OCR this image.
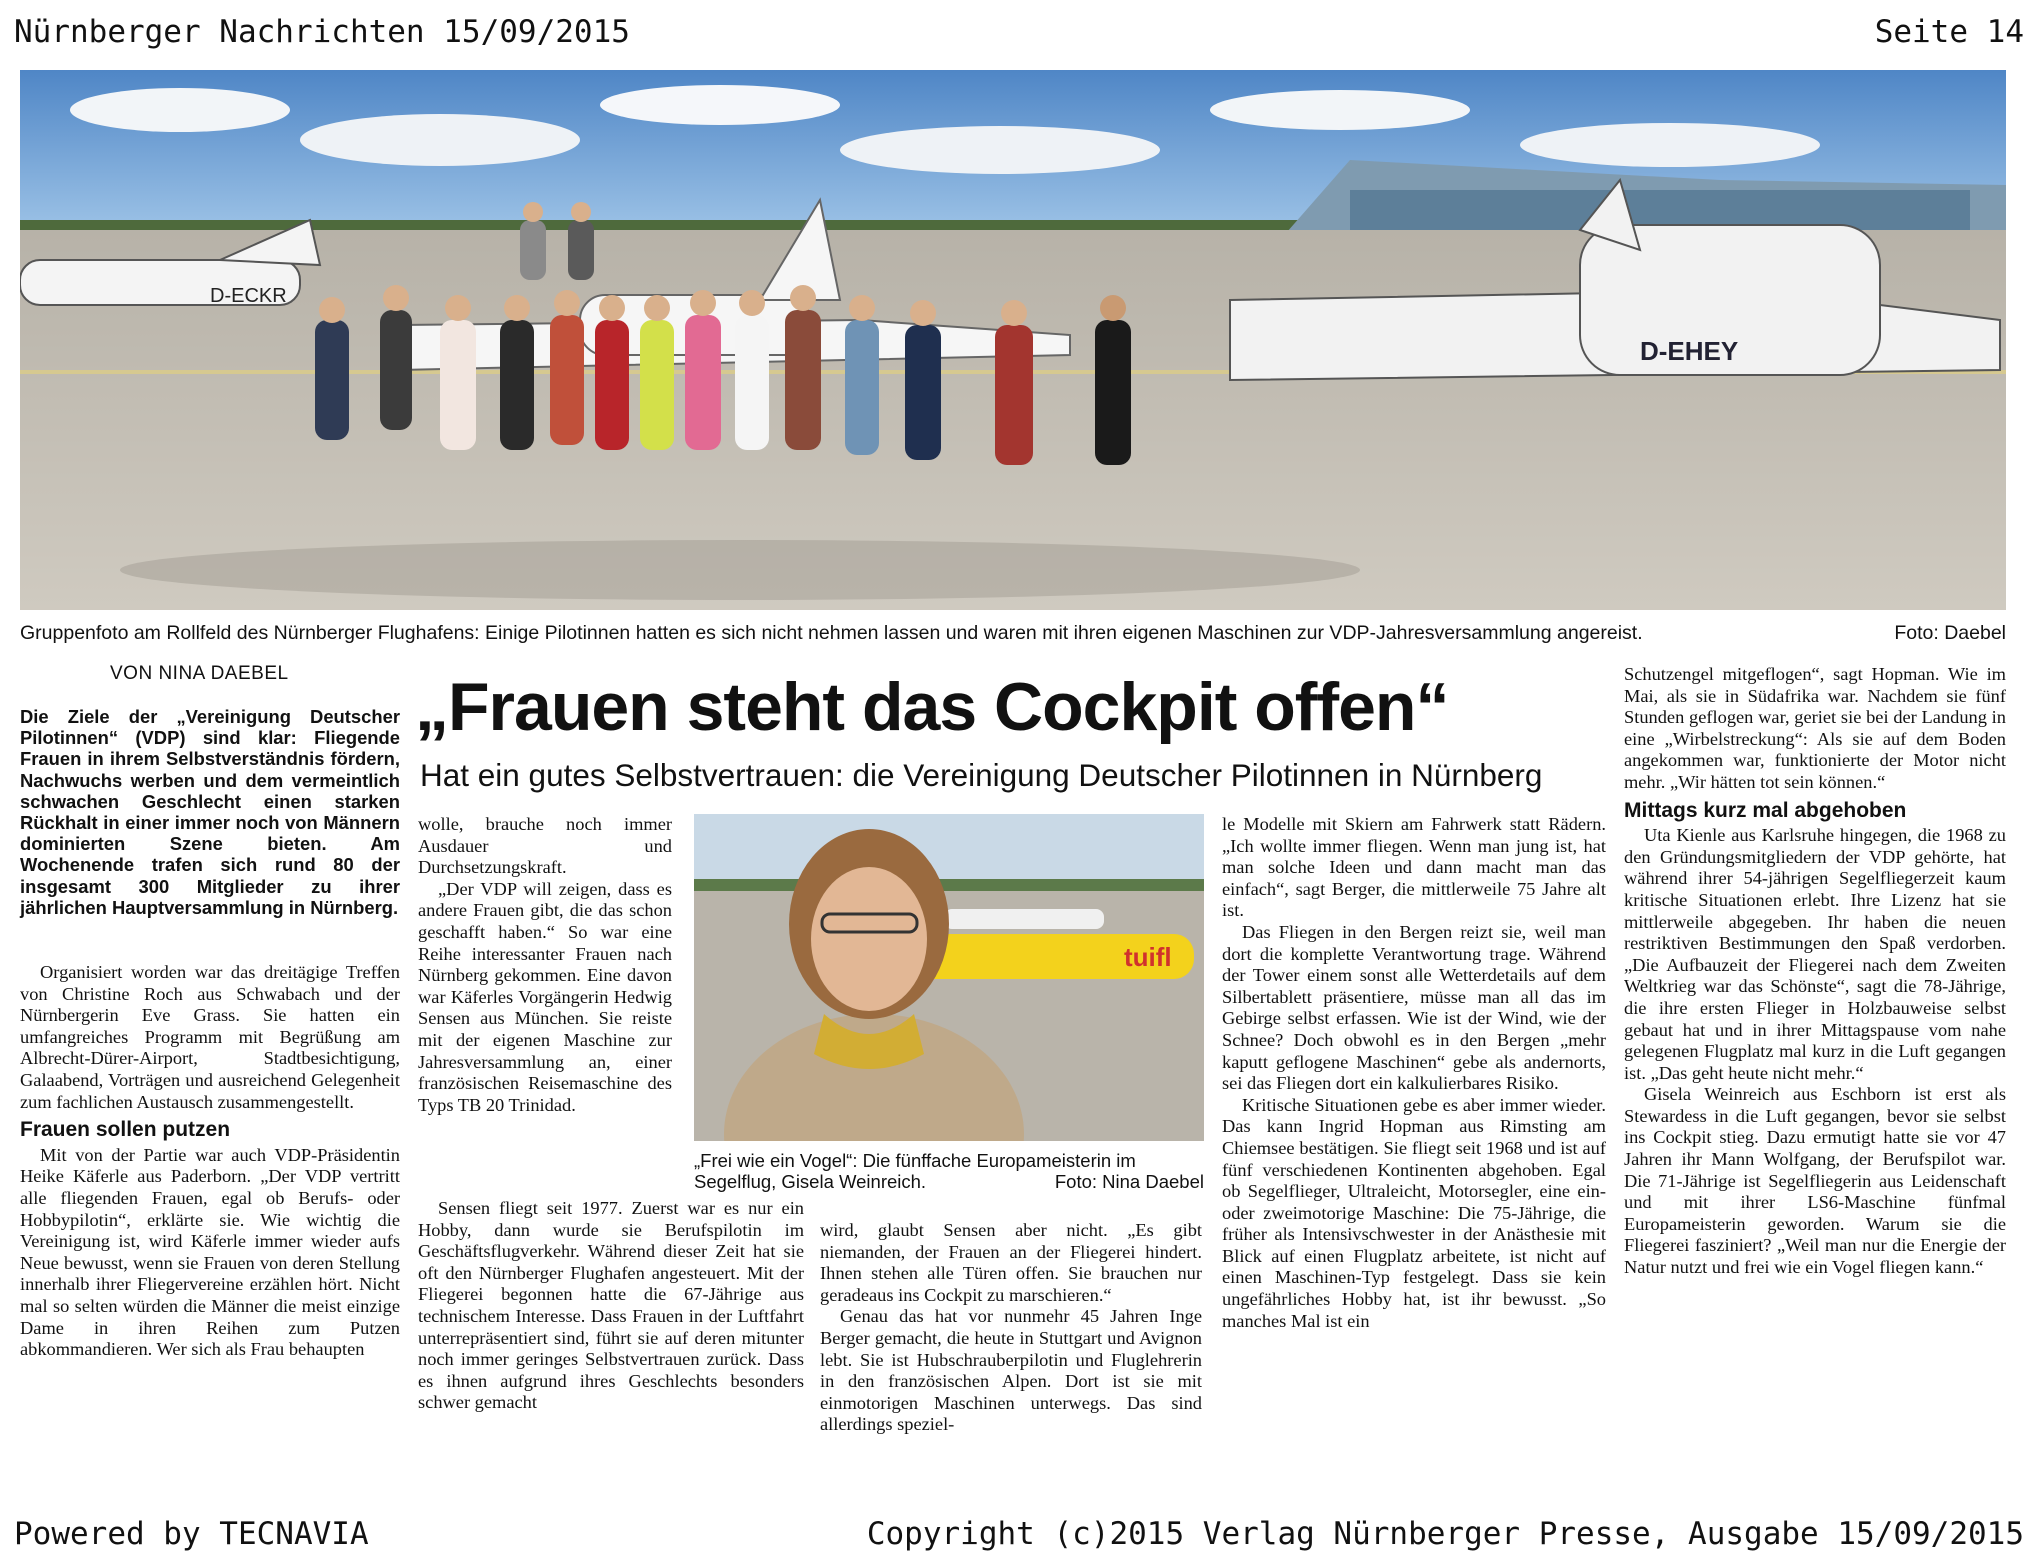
Nürnberger Nachrichten 15/09/2015	Seite 14
D-ECKR
D-EHEY
Gruppenfoto am Rollfeld des Nürnberger Flughafens: Einige Pilotinnen hatten es sich nicht nehmen lassen und waren mit ihren eigenen Maschinen zur VDP-Jahresversammlung angereist.	Foto: Daebel
VON NINA DAEBEL „Frauen steht das Cockpit offen“
Hat ein gutes Selbstvertrauen: die Vereinigung Deutscher Pilotinnen in Nürnberg
Die Ziele der „Vereinigung Deutscher Pilotinnen“ (VDP) sind klar: Fliegende Frauen in ihrem Selbstverständnis fördern, Nachwuchs werben und dem vermeintlich schwachen Geschlecht einen starken Rückhalt in einer immer noch von Männern dominierten Szene bieten. Am Wochenende trafen sich rund 80 der insgesamt 300 Mitglieder zu ihrer jährlichen Hauptversammlung in Nürnberg.

Organisiert worden war das dreitägige Treffen von Christine Roch aus Schwabach und der Nürnbergerin Eve Grass. Sie hatten ein umfangreiches Programm mit Begrüßung am Albrecht-Dürer-Airport, Stadtbesichtigung, Galaabend, Vorträgen und ausreichend Gelegenheit zum fachlichen Austausch zusammengestellt.

Frauen sollen putzen

Mit von der Partie war auch VDP-Präsidentin Heike Käferle aus Paderborn. „Der VDP vertritt alle fliegenden Frauen, egal ob Berufs- oder Hobbypilotin“, erklärte sie. Wie wichtig die Vereinigung ist, wird Käferle immer wieder aufs Neue bewusst, wenn sie Frauen von deren Stellung innerhalb ihrer Fliegervereine erzählen hört. Nicht mal so selten würden die Männer die meist einzige Dame in ihren Reihen zum Putzen abkommandieren. Wer sich als Frau behaupten

wolle, brauche noch immer Ausdauer und Durchsetzungskraft.

„Der VDP will zeigen, dass es andere Frauen gibt, die das schon geschafft haben.“ So war eine Reihe interessanter Frauen nach Nürnberg gekommen. Eine davon war Käferles Vorgängerin Hedwig Sensen aus München. Sie reiste mit der eigenen Maschine zur Jahresversammlung an, einer französischen Reisemaschine des Typs TB 20 Trinidad.

Sensen fliegt seit 1977. Zuerst war es nur ein Hobby, dann wurde sie Berufspilotin im Geschäftsflugverkehr. Während dieser Zeit hat sie oft den Nürnberger Flughafen angesteuert. Mit der Fliegerei begonnen hatte die 67-Jährige aus technischem Interesse. Dass Frauen in der Luftfahrt unterrepräsentiert sind, führt sie auf deren mitunter noch immer geringes Selbstvertrauen zurück. Dass es ihnen aufgrund ihres Geschlechts besonders schwer gemacht

tuifl
„Frei wie ein Vogel“: Die fünffache Europameisterin im Segelflug, Gisela Weinreich.	Foto: Nina Daebel

wird, glaubt Sensen aber nicht. „Es gibt niemanden, der Frauen an der Fliegerei hindert. Ihnen stehen alle Türen offen. Sie brauchen nur geradeaus ins Cockpit zu marschieren.“

Genau das hat vor nunmehr 45 Jahren Inge Berger gemacht, die heute in Stuttgart und Avignon lebt. Sie ist Hubschrauberpilotin und Fluglehrerin in den französischen Alpen. Dort ist sie mit einmotorigen Maschinen unterwegs. Das sind allerdings speziel-

le Modelle mit Skiern am Fahrwerk statt Rädern. „Ich wollte immer fliegen. Wenn man jung ist, hat man solche Ideen und dann macht man das einfach“, sagt Berger, die mittlerweile 75 Jahre alt ist.

Das Fliegen in den Bergen reizt sie, weil man dort die komplette Verantwortung trage. Während der Tower einem sonst alle Wetterdetails auf dem Silbertablett präsentiere, müsse man all das im Gebirge selbst erfassen. Wie ist der Wind, wie der Schnee? Doch obwohl es in den Bergen „mehr kaputt geflogene Maschinen“ gebe als andernorts, sei das Fliegen dort ein kalkulierbares Risiko.

Kritische Situationen gebe es aber immer wieder. Das kann Ingrid Hopman aus Rimsting am Chiemsee bestätigen. Sie fliegt seit 1968 und ist auf fünf verschiedenen Kontinenten abgehoben. Egal ob Segelflieger, Ultraleicht, Motorsegler, eine ein- oder zweimotorige Maschine: Die 75-Jährige, die früher als Intensivschwester in der Anästhesie mit Blick auf einen Flugplatz arbeitete, ist nicht auf einen Maschinen-Typ festgelegt. Dass sie kein ungefährliches Hobby hat, ist ihr bewusst. „So manches Mal ist ein

Schutzengel mitgeflogen“, sagt Hopman. Wie im Mai, als sie in Südafrika war. Nachdem sie fünf Stunden geflogen war, geriet sie bei der Landung in eine „Wirbelstreckung“: Als sie auf dem Boden angekommen war, funktionierte der Motor nicht mehr. „Wir hätten tot sein können.“

Mittags kurz mal abgehoben

Uta Kienle aus Karlsruhe hingegen, die 1968 zu den Gründungsmitgliedern der VDP gehörte, hat während ihrer 54-jährigen Segelfliegerzeit kaum kritische Situationen erlebt. Ihre Lizenz hat sie mittlerweile abgegeben. Ihr haben die neuen restriktiven Bestimmungen den Spaß verdorben. „Die Aufbauzeit der Fliegerei nach dem Zweiten Weltkrieg war das Schönste“, sagt die 78-Jährige, die ihre ersten Flieger in Holzbauweise selbst gebaut hat und in ihrer Mittagspause vom nahe gelegenen Flugplatz mal kurz in die Luft gegangen ist. „Das geht heute nicht mehr.“

Gisela Weinreich aus Eschborn ist erst als Stewardess in die Luft gegangen, bevor sie selbst ins Cockpit stieg. Dazu ermutigt hatte sie vor 47 Jahren ihr Mann Wolfgang, der Berufspilot war. Die 71-Jährige ist Segelfliegerin aus Leidenschaft und mit ihrer LS6-Maschine fünfmal Europameisterin geworden. Warum sie die Fliegerei fasziniert? „Weil man nur die Energie der Natur nutzt und frei wie ein Vogel fliegen kann.“

Powered by TECNAVIA	Copyright (c)2015 Verlag Nürnberger Presse, Ausgabe 15/09/2015
